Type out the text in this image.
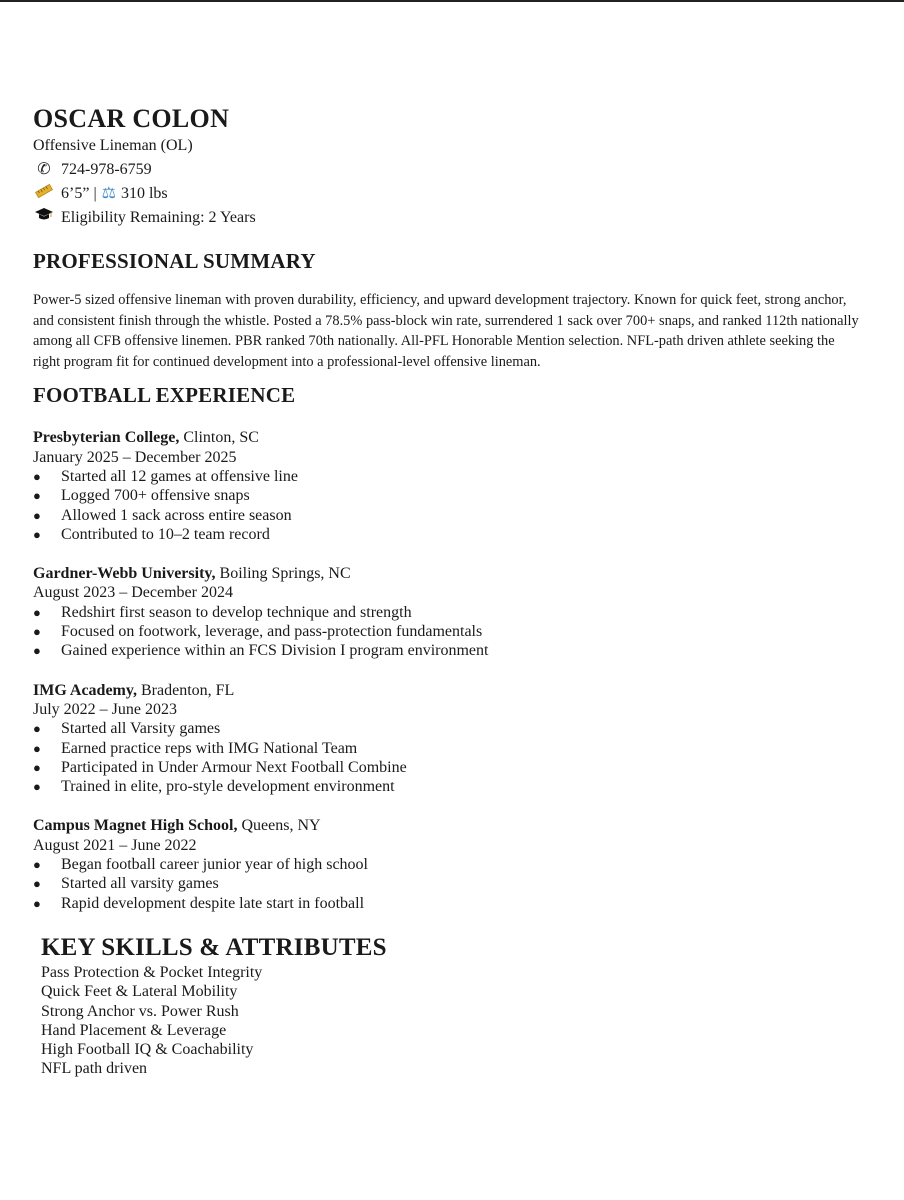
OSCAR COLON
Offensive Lineman (OL)
✆ 724-978-6759
6’5” | ⚖ 310 lbs
Eligibility Remaining: 2 Years
PROFESSIONAL SUMMARY

Power-5 sized offensive lineman with proven durability, efficiency, and upward development trajectory. Known for quick feet, strong anchor, and consistent finish through the whistle. Posted a 78.5% pass-block win rate, surrendered 1 sack over 700+ snaps, and ranked 112th nationally among all CFB offensive linemen. PBR ranked 70th nationally. All-PFL Honorable Mention selection. NFL-path driven athlete seeking the right program fit for continued development into a professional-level offensive lineman.

FOOTBALL EXPERIENCE
Presbyterian College, Clinton, SC
January 2025 – December 2025
● Started all 12 games at offensive line
● Logged 700+ offensive snaps
● Allowed 1 sack across entire season
● Contributed to 10–2 team record
Gardner-Webb University, Boiling Springs, NC
August 2023 – December 2024
● Redshirt first season to develop technique and strength
● Focused on footwork, leverage, and pass-protection fundamentals
● Gained experience within an FCS Division I program environment
IMG Academy, Bradenton, FL
July 2022 – June 2023
● Started all Varsity games
● Earned practice reps with IMG National Team
● Participated in Under Armour Next Football Combine
● Trained in elite, pro-style development environment
Campus Magnet High School, Queens, NY
August 2021 – June 2022
● Began football career junior year of high school
● Started all varsity games
● Rapid development despite late start in football
KEY SKILLS & ATTRIBUTES
Pass Protection & Pocket Integrity
Quick Feet & Lateral Mobility
Strong Anchor vs. Power Rush
Hand Placement & Leverage
High Football IQ & Coachability
NFL path driven
